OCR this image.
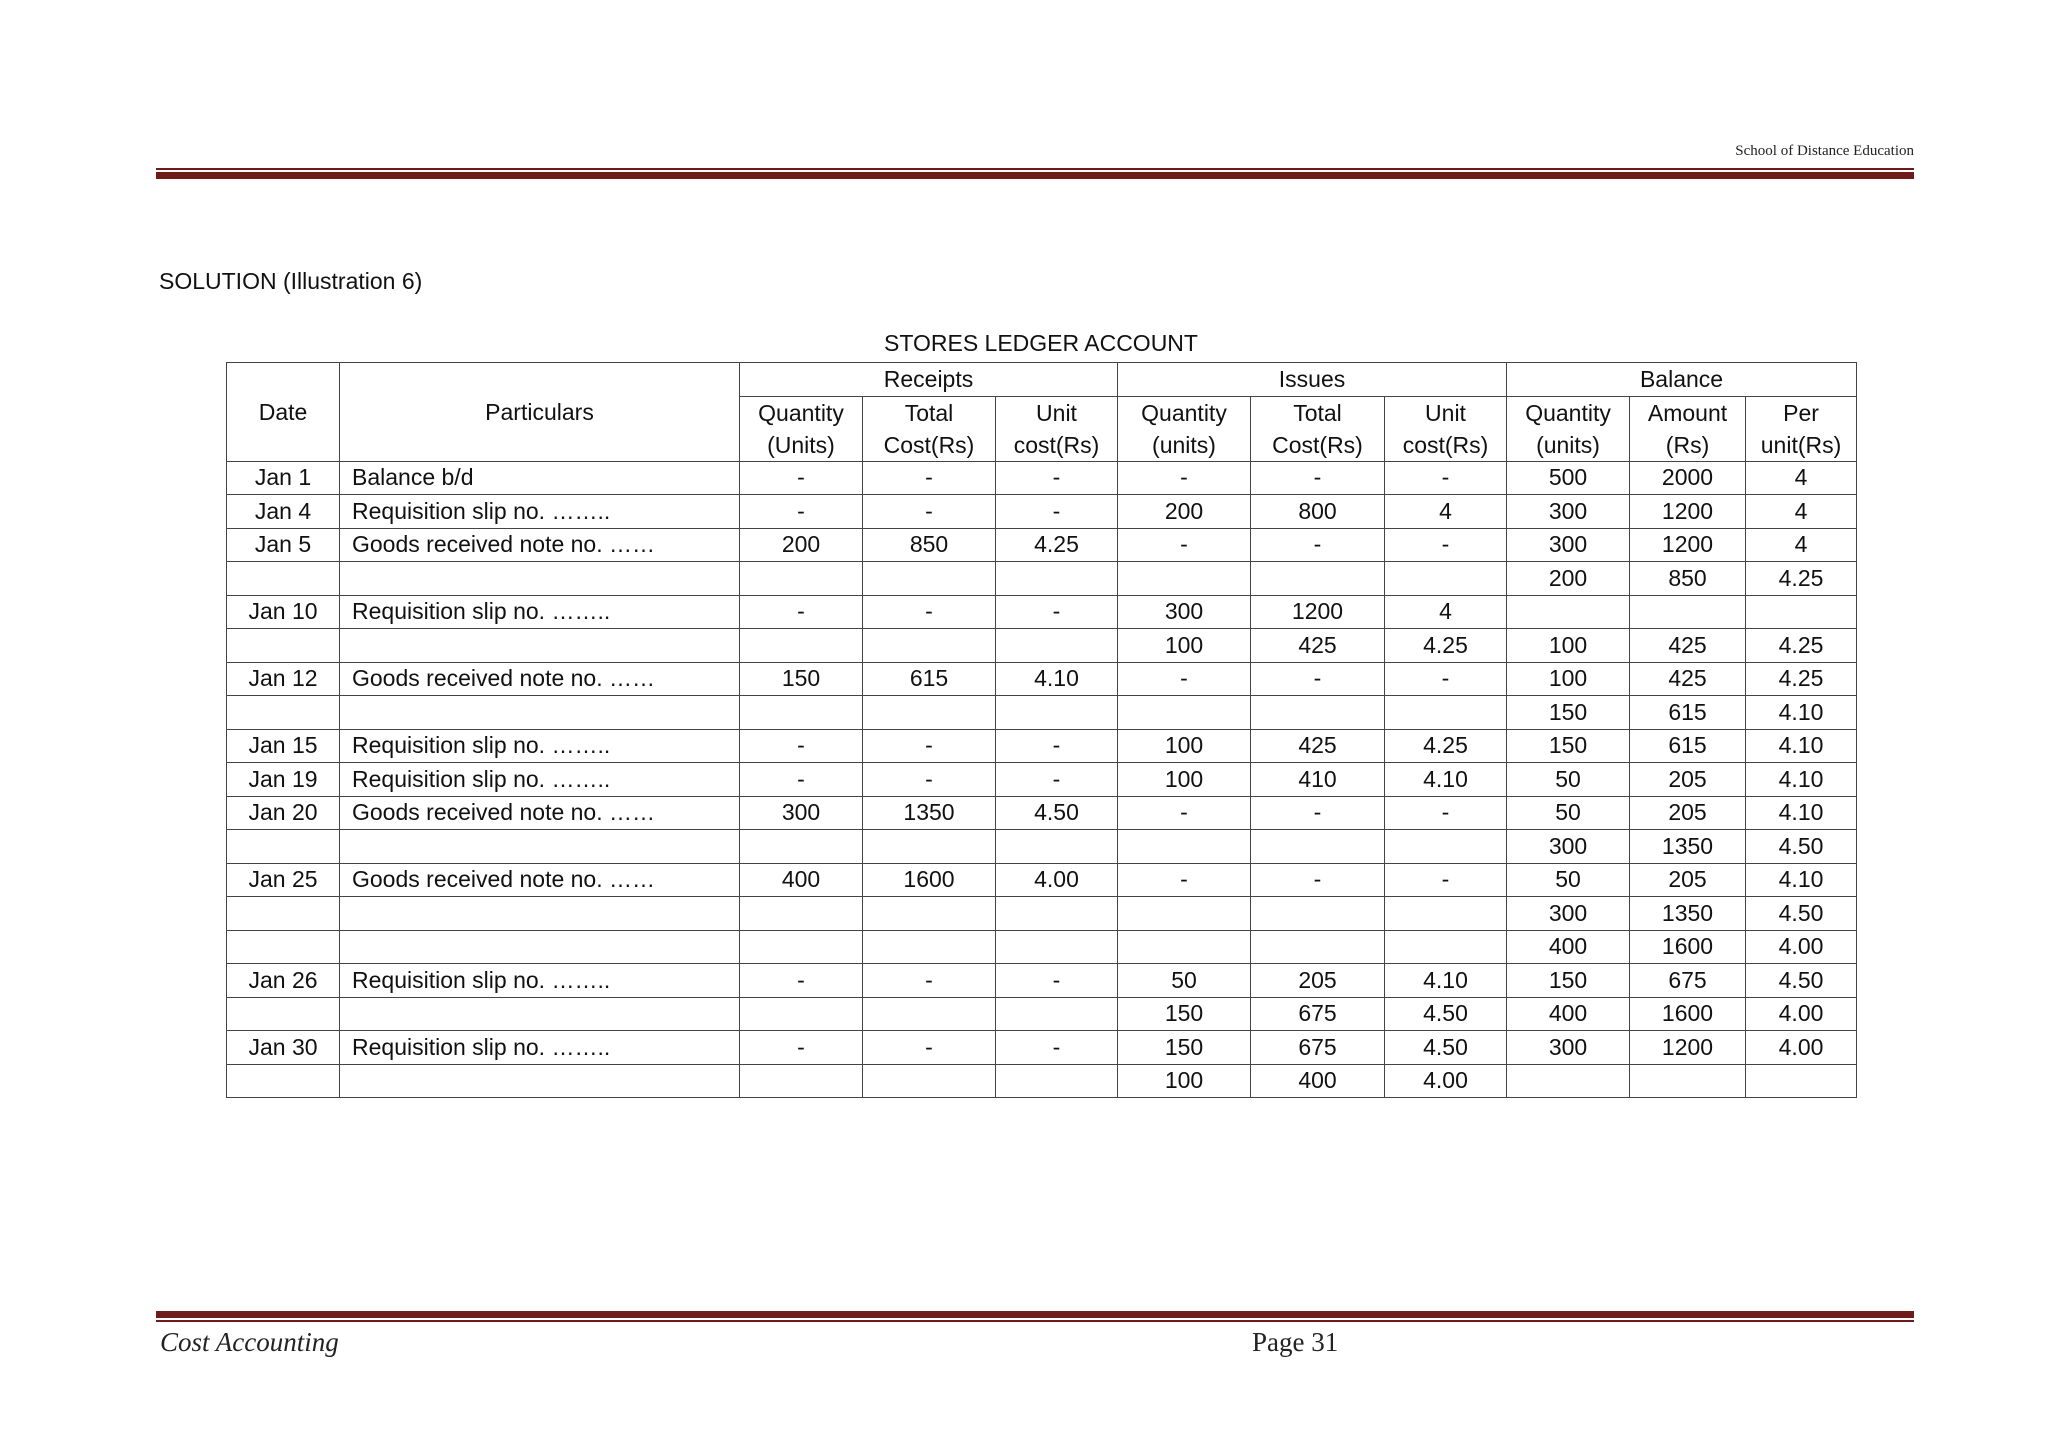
School of Distance Education
SOLUTION (Illustration 6)
STORES LEDGER ACCOUNT
Date	Particulars	Receipts			Issues			Balance		
		Quantity (Units)	Total Cost(Rs)	Unit cost(Rs)	Quantity (units)	Total Cost(Rs)	Unit cost(Rs)	Quantity (units)	Amount (Rs)	Per unit(Rs)

Jan 1	Balance b/d	-	-	-	-	-	-	500	2000	4
Jan 4	Requisition slip no. ……..	-	-	-	200	800	4	300	1200	4
Jan 5	Goods received note no. ……	200	850	4.25	-	-	-	300	1200	4
								200	850	4.25
Jan 10	Requisition slip no. ……..	-	-	-	300	1200	4			
					100	425	4.25	100	425	4.25
Jan 12	Goods received note no. ……	150	615	4.10	-	-	-	100	425	4.25
								150	615	4.10
Jan 15	Requisition slip no. ……..	-	-	-	100	425	4.25	150	615	4.10
Jan 19	Requisition slip no. ……..	-	-	-	100	410	4.10	50	205	4.10
Jan 20	Goods received note no. ……	300	1350	4.50	-	-	-	50	205	4.10
								300	1350	4.50
Jan 25	Goods received note no. ……	400	1600	4.00	-	-	-	50	205	4.10
								300	1350	4.50
								400	1600	4.00
Jan 26	Requisition slip no. ……..	-	-	-	50	205	4.10	150	675	4.50
					150	675	4.50	400	1600	4.00
Jan 30	Requisition slip no. ……..	-	-	-	150	675	4.50	300	1200	4.00
					100	400	4.00			
Cost Accounting	Page 31
